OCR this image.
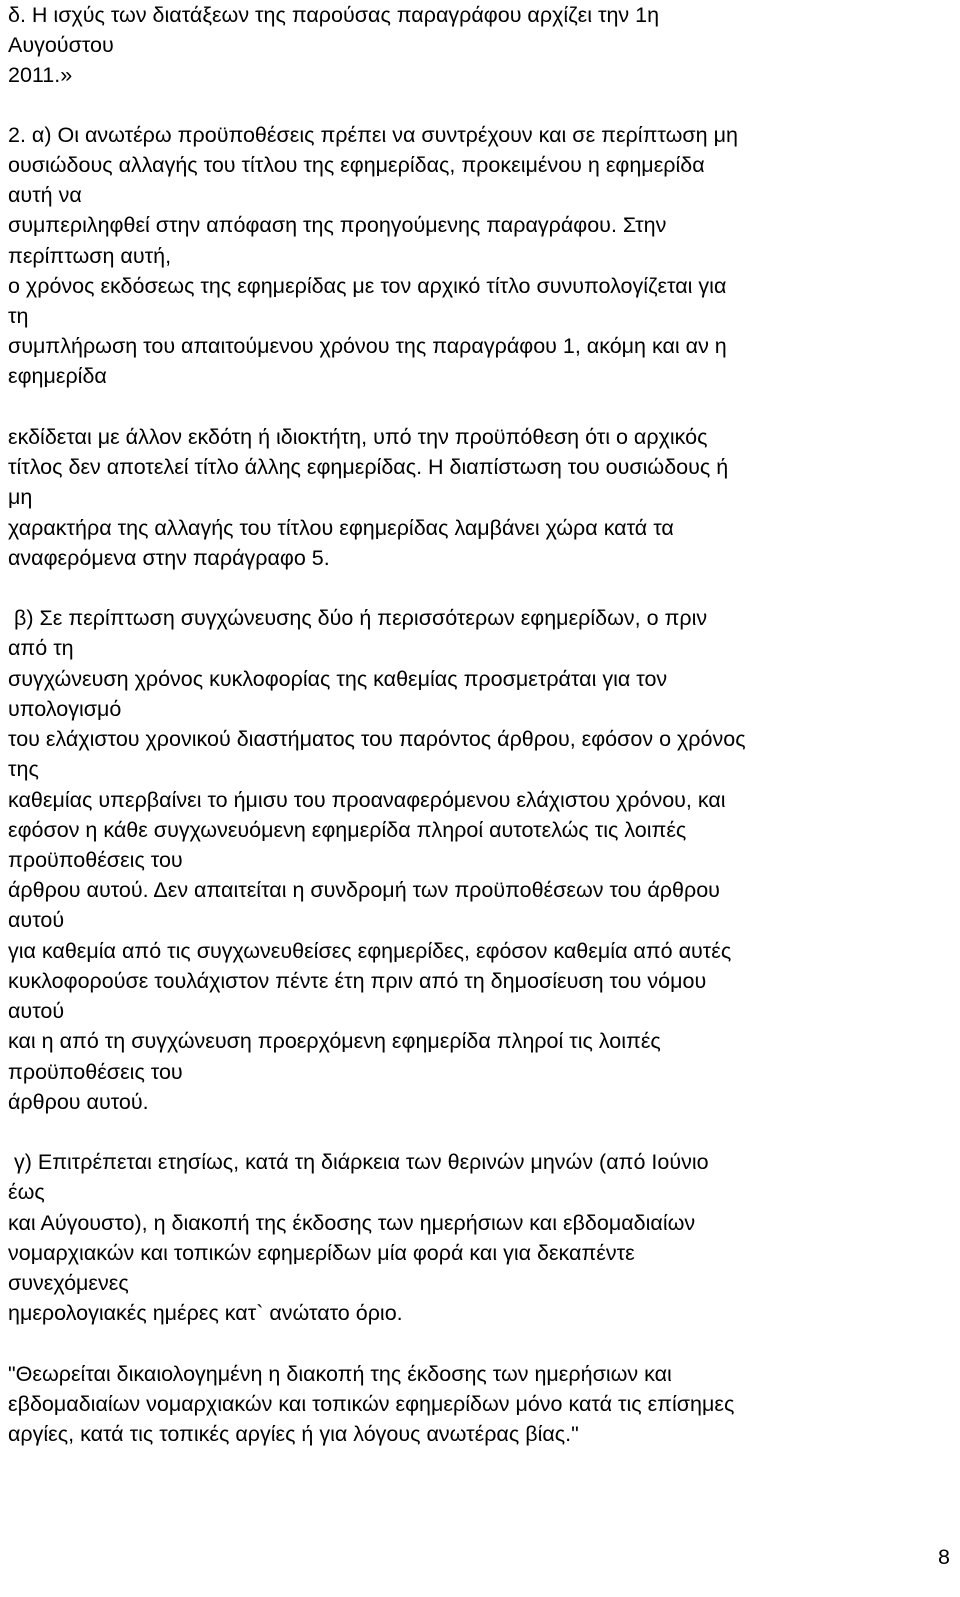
δ. Η ισχύς των διατάξεων της παρούσας παραγράφου αρχίζει την 1η
Αυγούστου
2011.»
2. α) Οι ανωτέρω προϋποθέσεις πρέπει να συντρέχουν και σε περίπτωση μη
ουσιώδους αλλαγής του τίτλου της εφημερίδας, προκειμένου η εφημερίδα
αυτή να
συμπεριληφθεί στην απόφαση της προηγούμενης παραγράφου. Στην
περίπτωση αυτή,
ο χρόνος εκδόσεως της εφημερίδας με τον αρχικό τίτλο συνυπολογίζεται για
τη
συμπλήρωση του απαιτούμενου χρόνου της παραγράφου 1, ακόμη και αν η
εφημερίδα
εκδίδεται με άλλον εκδότη ή ιδιοκτήτη, υπό την προϋπόθεση ότι ο αρχικός
τίτλος δεν αποτελεί τίτλο άλλης εφημερίδας. Η διαπίστωση του ουσιώδους ή
μη
χαρακτήρα της αλλαγής του τίτλου εφημερίδας λαμβάνει χώρα κατά τα
αναφερόμενα στην παράγραφο 5.
β) Σε περίπτωση συγχώνευσης δύο ή περισσότερων εφημερίδων, ο πριν
από τη
συγχώνευση χρόνος κυκλοφορίας της καθεμίας προσμετράται για τον
υπολογισμό
του ελάχιστου χρονικού διαστήματος του παρόντος άρθρου, εφόσον ο χρόνος
της
καθεμίας υπερβαίνει το ήμισυ του προαναφερόμενου ελάχιστου χρόνου, και
εφόσον η κάθε συγχωνευόμενη εφημερίδα πληροί αυτοτελώς τις λοιπές
προϋποθέσεις του
άρθρου αυτού. Δεν απαιτείται η συνδρομή των προϋποθέσεων του άρθρου
αυτού
για καθεμία από τις συγχωνευθείσες εφημερίδες, εφόσον καθεμία από αυτές
κυκλοφορούσε τουλάχιστον πέντε έτη πριν από τη δημοσίευση του νόμου
αυτού
και η από τη συγχώνευση προερχόμενη εφημερίδα πληροί τις λοιπές
προϋποθέσεις του
άρθρου αυτού.
γ) Επιτρέπεται ετησίως, κατά τη διάρκεια των θερινών μηνών (από Ιούνιο
έως
και Αύγουστο), η διακοπή της έκδοσης των ημερήσιων και εβδομαδιαίων
νομαρχιακών και τοπικών εφημερίδων μία φορά και για δεκαπέντε
συνεχόμενες
ημερολογιακές ημέρες κατ` ανώτατο όριο.
"Θεωρείται δικαιολογημένη η διακοπή της έκδοσης των ημερήσιων και
εβδομαδιαίων νομαρχιακών και τοπικών εφημερίδων μόνο κατά τις επίσημες
αργίες, κατά τις τοπικές αργίες ή για λόγους ανωτέρας βίας."
8
